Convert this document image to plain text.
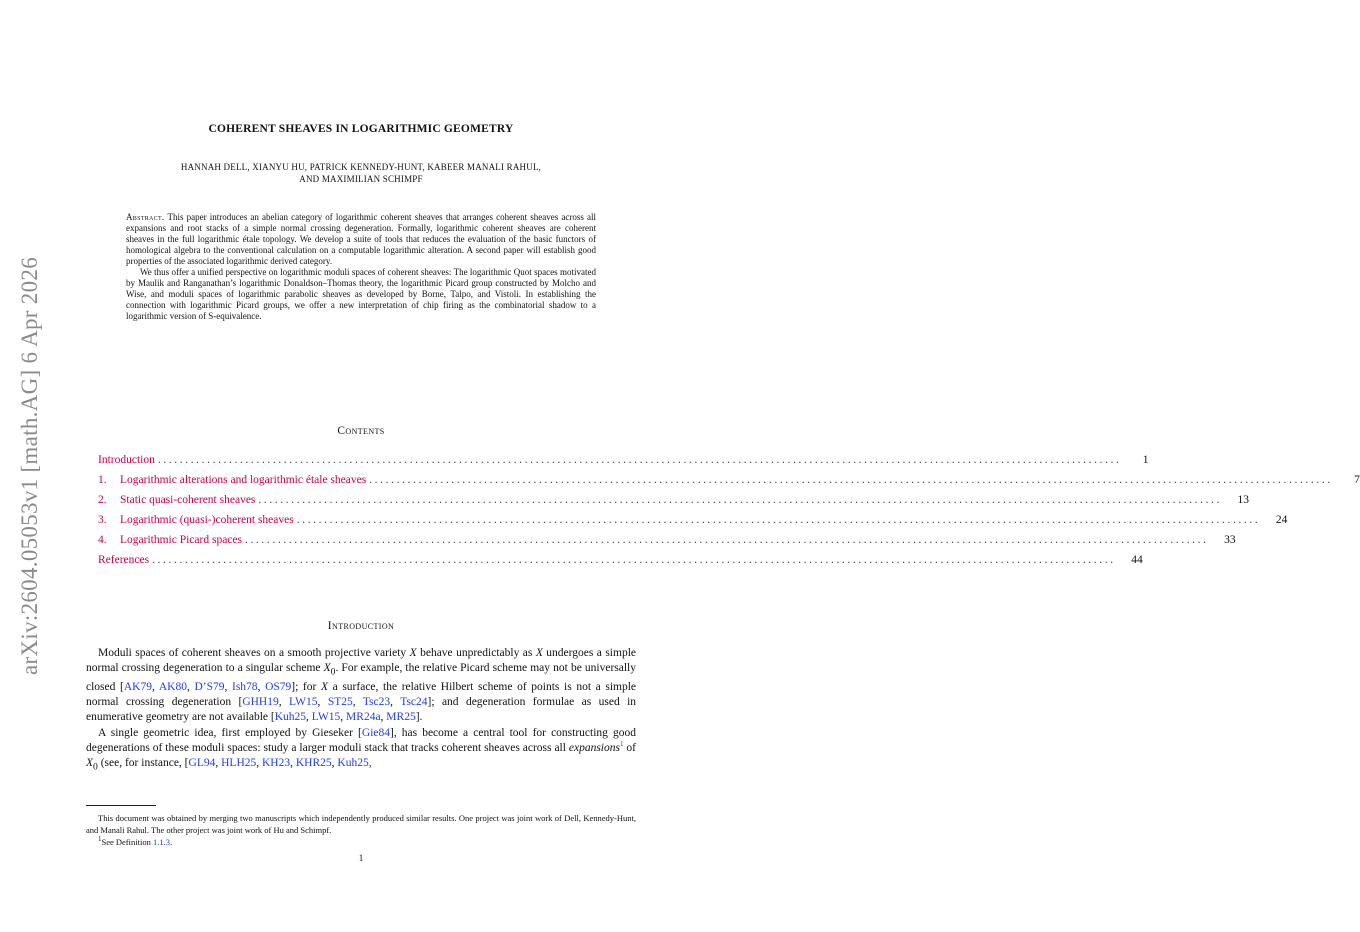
arXiv:2604.05053v1 [math.AG] 6 Apr 2026
COHERENT SHEAVES IN LOGARITHMIC GEOMETRY
HANNAH DELL, XIANYU HU, PATRICK KENNEDY-HUNT, KABEER MANALI RAHUL,
AND MAXIMILIAN SCHIMPF

Abstract. This paper introduces an abelian category of logarithmic coherent sheaves that arranges coherent sheaves across all expansions and root stacks of a simple normal crossing degeneration. Formally, logarithmic coherent sheaves are coherent sheaves in the full logarithmic étale topology. We develop a suite of tools that reduces the evaluation of the basic functors of homological algebra to the conventional calculation on a computable logarithmic alteration. A second paper will establish good properties of the associated logarithmic derived category.

We thus offer a unified perspective on logarithmic moduli spaces of coherent sheaves: The logarithmic Quot spaces motivated by Maulik and Ranganathan’s logarithmic Donaldson–Thomas theory, the logarithmic Picard group constructed by Molcho and Wise, and moduli spaces of logarithmic parabolic sheaves as developed by Borne, Talpo, and Vistoli. In establishing the connection with logarithmic Picard groups, we offer a new interpretation of chip firing as the combinatorial shadow to a logarithmic version of S-equivalence.

Contents
Introduction ................................................................................................................................................................................	1
1. Logarithmic alterations and logarithmic étale sheaves ................................................................................................................................................................................	7
2. Static quasi-coherent sheaves ................................................................................................................................................................................	13
3. Logarithmic (quasi-)coherent sheaves ................................................................................................................................................................................	24
4. Logarithmic Picard spaces ................................................................................................................................................................................	33
References ................................................................................................................................................................................	44
Introduction

Moduli spaces of coherent sheaves on a smooth projective variety X behave unpredictably as X undergoes a simple normal crossing degeneration to a singular scheme $X_0$. For example, the relative Picard scheme may not be universally closed [AK79, AK80, D’S79, Ish78, OS79]; for X a surface, the relative Hilbert scheme of points is not a simple normal crossing degeneration [GHH19, LW15, ST25, Tsc23, Tsc24]; and degeneration formulae as used in enumerative geometry are not available [Kuh25, LW15, MR24a, MR25].

A single geometric idea, first employed by Gieseker [Gie84], has become a central tool for constructing good degenerations of these moduli spaces: study a larger moduli stack that tracks coherent sheaves across all expansions$^1$ of $X_0$ (see, for instance, [GL94, HLH25, KH23, KHR25, Kuh25,

This document was obtained by merging two manuscripts which independently produced similar results. One project was joint work of Dell, Kennedy-Hunt, and Manali Rahul. The other project was joint work of Hu and Schimpf.

$^1$See Definition 1.1.3.

1
